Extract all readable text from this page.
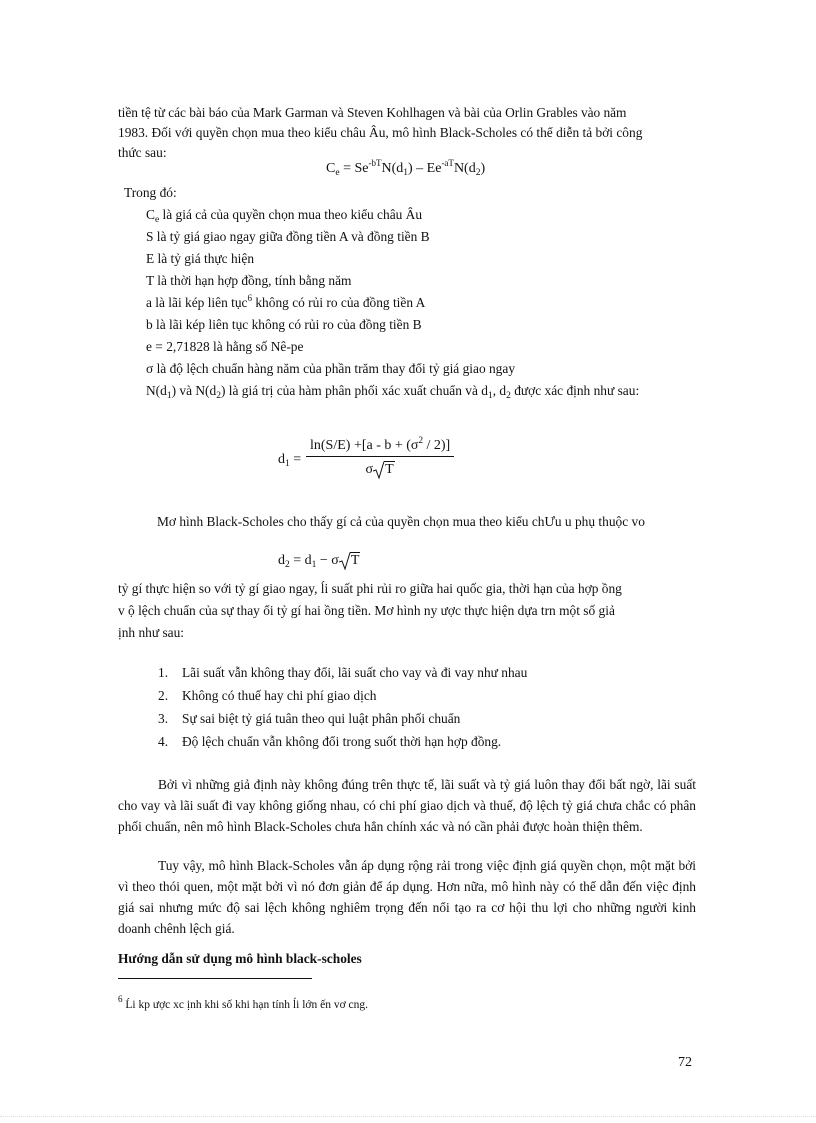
tiền tệ từ các bài báo của Mark Garman và Steven Kohlhagen và bài của Orlin Grables vào năm
1983. Đối với quyền chọn mua theo kiểu châu Âu, mô hình Black-Scholes có thể diễn tả bởi công
thức sau:
$C_e = Se^{-bT}N(d_1) - Ee^{-aT}N(d_2)$
Trong đó:
$C_e$ là giá cả của quyền chọn mua theo kiểu châu Âu
S là tỷ giá giao ngay giữa đồng tiền A và đồng tiền B
E là tỷ giá thực hiện
T là thời hạn hợp đồng, tính bằng năm
a là lãi kép liên tục$^6$ không có rủi ro của đồng tiền A
b là lãi kép liên tục không có rủi ro của đồng tiền B
e = 2,71828 là hằng số Nê-pe
σ là độ lệch chuẩn hàng năm của phần trăm thay đổi tỷ giá giao ngay
$N(d_1)$ và $N(d_2)$ là giá trị của hàm phân phối xác xuất chuẩn và $d_1$, $d_2$ được xác định như sau:
$d_1$ =
$\ln(S/E) +[a - b + (\sigma^2 / 2)]$
σ T
Mơ hình Black-Scholes cho thấy gí cả của quyền chọn mua theo kiểu chƯu u phụ thuộc vo
$d_2 = d_1 - \sigma$ T
tỷ gí thực hiện so với tỷ gí giao ngay, ĺi suất phi rủi ro giữa hai quốc gia, thời hạn của hợp ồng
v ộ lệch chuẩn của sự thay ổi tỷ gí hai ồng tiền. Mơ hình ny ược thực hiện dựa trn một số giả
ịnh như sau:
1. Lãi suất vẫn không thay đổi, lãi suất cho vay và đi vay như nhau
2. Không có thuế hay chi phí giao dịch
3. Sự sai biệt tỷ giá tuân theo qui luật phân phối chuẩn
4. Độ lệch chuẩn vẫn không đổi trong suốt thời hạn hợp đồng.
Bởi vì những giả định này không đúng trên thực tế, lãi suất và tỷ giá luôn thay đổi bất ngờ, lãi suất cho vay và lãi suất đi vay không giống nhau, có chi phí giao dịch và thuế, độ lệch tỷ giá chưa chắc có phân phối chuẩn, nên mô hình Black-Scholes chưa hẳn chính xác và nó cần phải được hoàn thiện thêm.
Tuy vậy, mô hình Black-Scholes vẫn áp dụng rộng rải trong việc định giá quyền chọn, một mặt bởi vì theo thói quen, một mặt bởi vì nó đơn giản để áp dụng. Hơn nữa, mô hình này có thể dẫn đến việc định giá sai nhưng mức độ sai lệch không nghiêm trọng đến nổi tạo ra cơ hội thu lợi cho những người kinh doanh chênh lệch giá.
Hướng dẫn sử dụng mô hình black-scholes
$^6$ Ĺi kp ược xc ịnh khi số khi hạn tính ĺi lớn ến vơ cng.
72
